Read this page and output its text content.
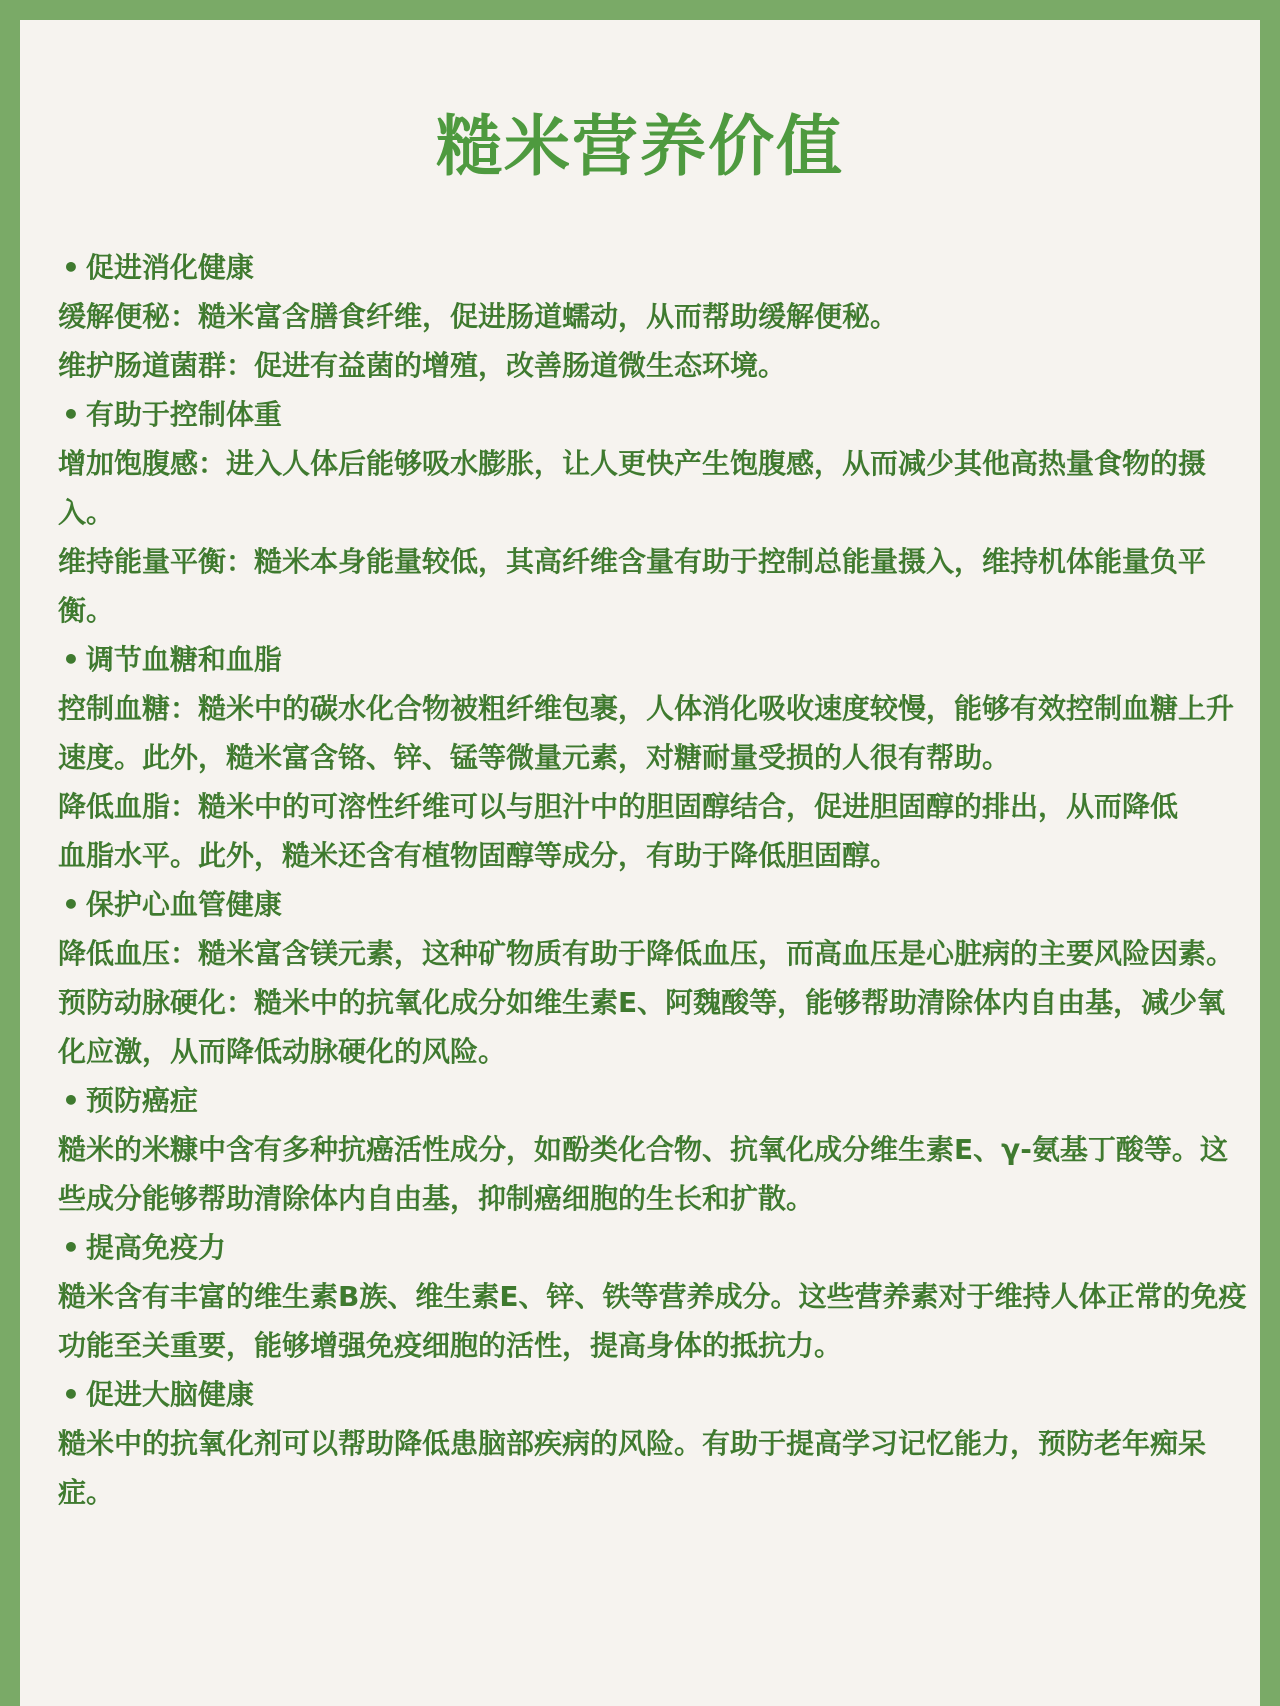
糙米营养价值

• 促进消化健康

缓解便秘：糙米富含膳食纤维，促进肠道蠕动，从而帮助缓解便秘。

维护肠道菌群：促进有益菌的增殖，改善肠道微生态环境。

• 有助于控制体重

增加饱腹感：进入人体后能够吸水膨胀，让人更快产生饱腹感，从而减少其他高热量食物的摄入。

维持能量平衡：糙米本身能量较低，其高纤维含量有助于控制总能量摄入，维持机体能量负平衡。

• 调节血糖和血脂

控制血糖：糙米中的碳水化合物被粗纤维包裹，人体消化吸收速度较慢，能够有效控制血糖上升速度。此外，糙米富含铬、锌、锰等微量元素，对糖耐量受损的人很有帮助。

降低血脂：糙米中的可溶性纤维可以与胆汁中的胆固醇结合，促进胆固醇的排出，从而降低血脂水平。此外，糙米还含有植物固醇等成分，有助于降低胆固醇。

• 保护心血管健康

降低血压：糙米富含镁元素，这种矿物质有助于降低血压，而高血压是心脏病的主要风险因素。

预防动脉硬化：糙米中的抗氧化成分如维生素E、阿魏酸等，能够帮助清除体内自由基，减少氧化应激，从而降低动脉硬化的风险。

• 预防癌症

糙米的米糠中含有多种抗癌活性成分，如酚类化合物、抗氧化成分维生素E、γ-氨基丁酸等。这些成分能够帮助清除体内自由基，抑制癌细胞的生长和扩散。

• 提高免疫力

糙米含有丰富的维生素B族、维生素E、锌、铁等营养成分。这些营养素对于维持人体正常的免疫功能至关重要，能够增强免疫细胞的活性，提高身体的抵抗力。

• 促进大脑健康

糙米中的抗氧化剂可以帮助降低患脑部疾病的风险。有助于提高学习记忆能力，预防老年痴呆症。
